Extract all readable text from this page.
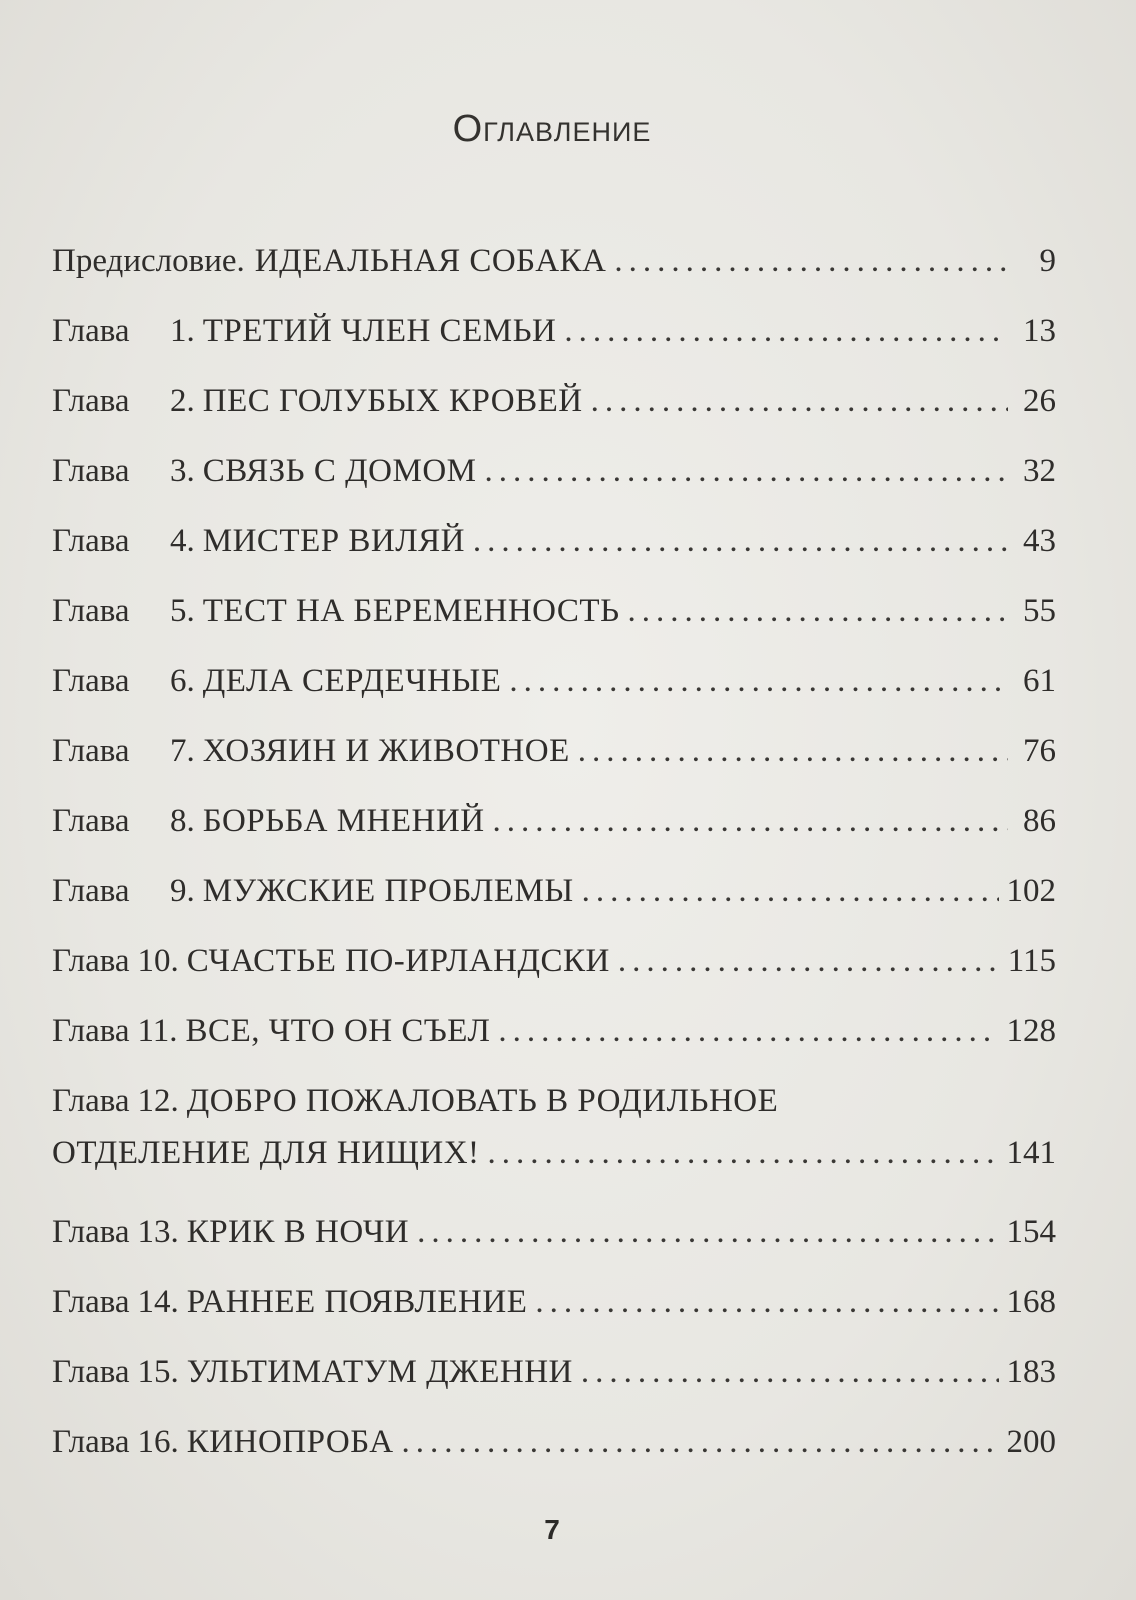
Оглавление
Предисловие. ИДЕАЛЬНАЯ СОБАКА .....	9
Глава	1. ТРЕТИЙ ЧЛЕН СЕМЬИ .....	13
Глава	2. ПЕС ГОЛУБЫХ КРОВЕЙ .....	26
Глава	3. СВЯЗЬ С ДОМОМ .....	32
Глава	4. МИСТЕР ВИЛЯЙ .....	43
Глава	5. ТЕСТ НА БЕРЕМЕННОСТЬ .....	55
Глава	6. ДЕЛА СЕРДЕЧНЫЕ .....	61
Глава	7. ХОЗЯИН И ЖИВОТНОЕ .....	76
Глава	8. БОРЬБА МНЕНИЙ .....	86
Глава	9. МУЖСКИЕ ПРОБЛЕМЫ .....	102
Глава 10. СЧАСТЬЕ ПО-ИРЛАНДСКИ .....	115
Глава 11. ВСЕ, ЧТО ОН СЪЕЛ .....	128
Глава 12. ДОБРО ПОЖАЛОВАТЬ В РОДИЛЬНОЕ
ОТДЕЛЕНИЕ ДЛЯ НИЩИХ! .....	141
Глава 13. КРИК В НОЧИ .....	154
Глава 14. РАННЕЕ ПОЯВЛЕНИЕ .....	168
Глава 15. УЛЬТИМАТУМ ДЖЕННИ .....	183
Глава 16. КИНОПРОБА .....	200
7
